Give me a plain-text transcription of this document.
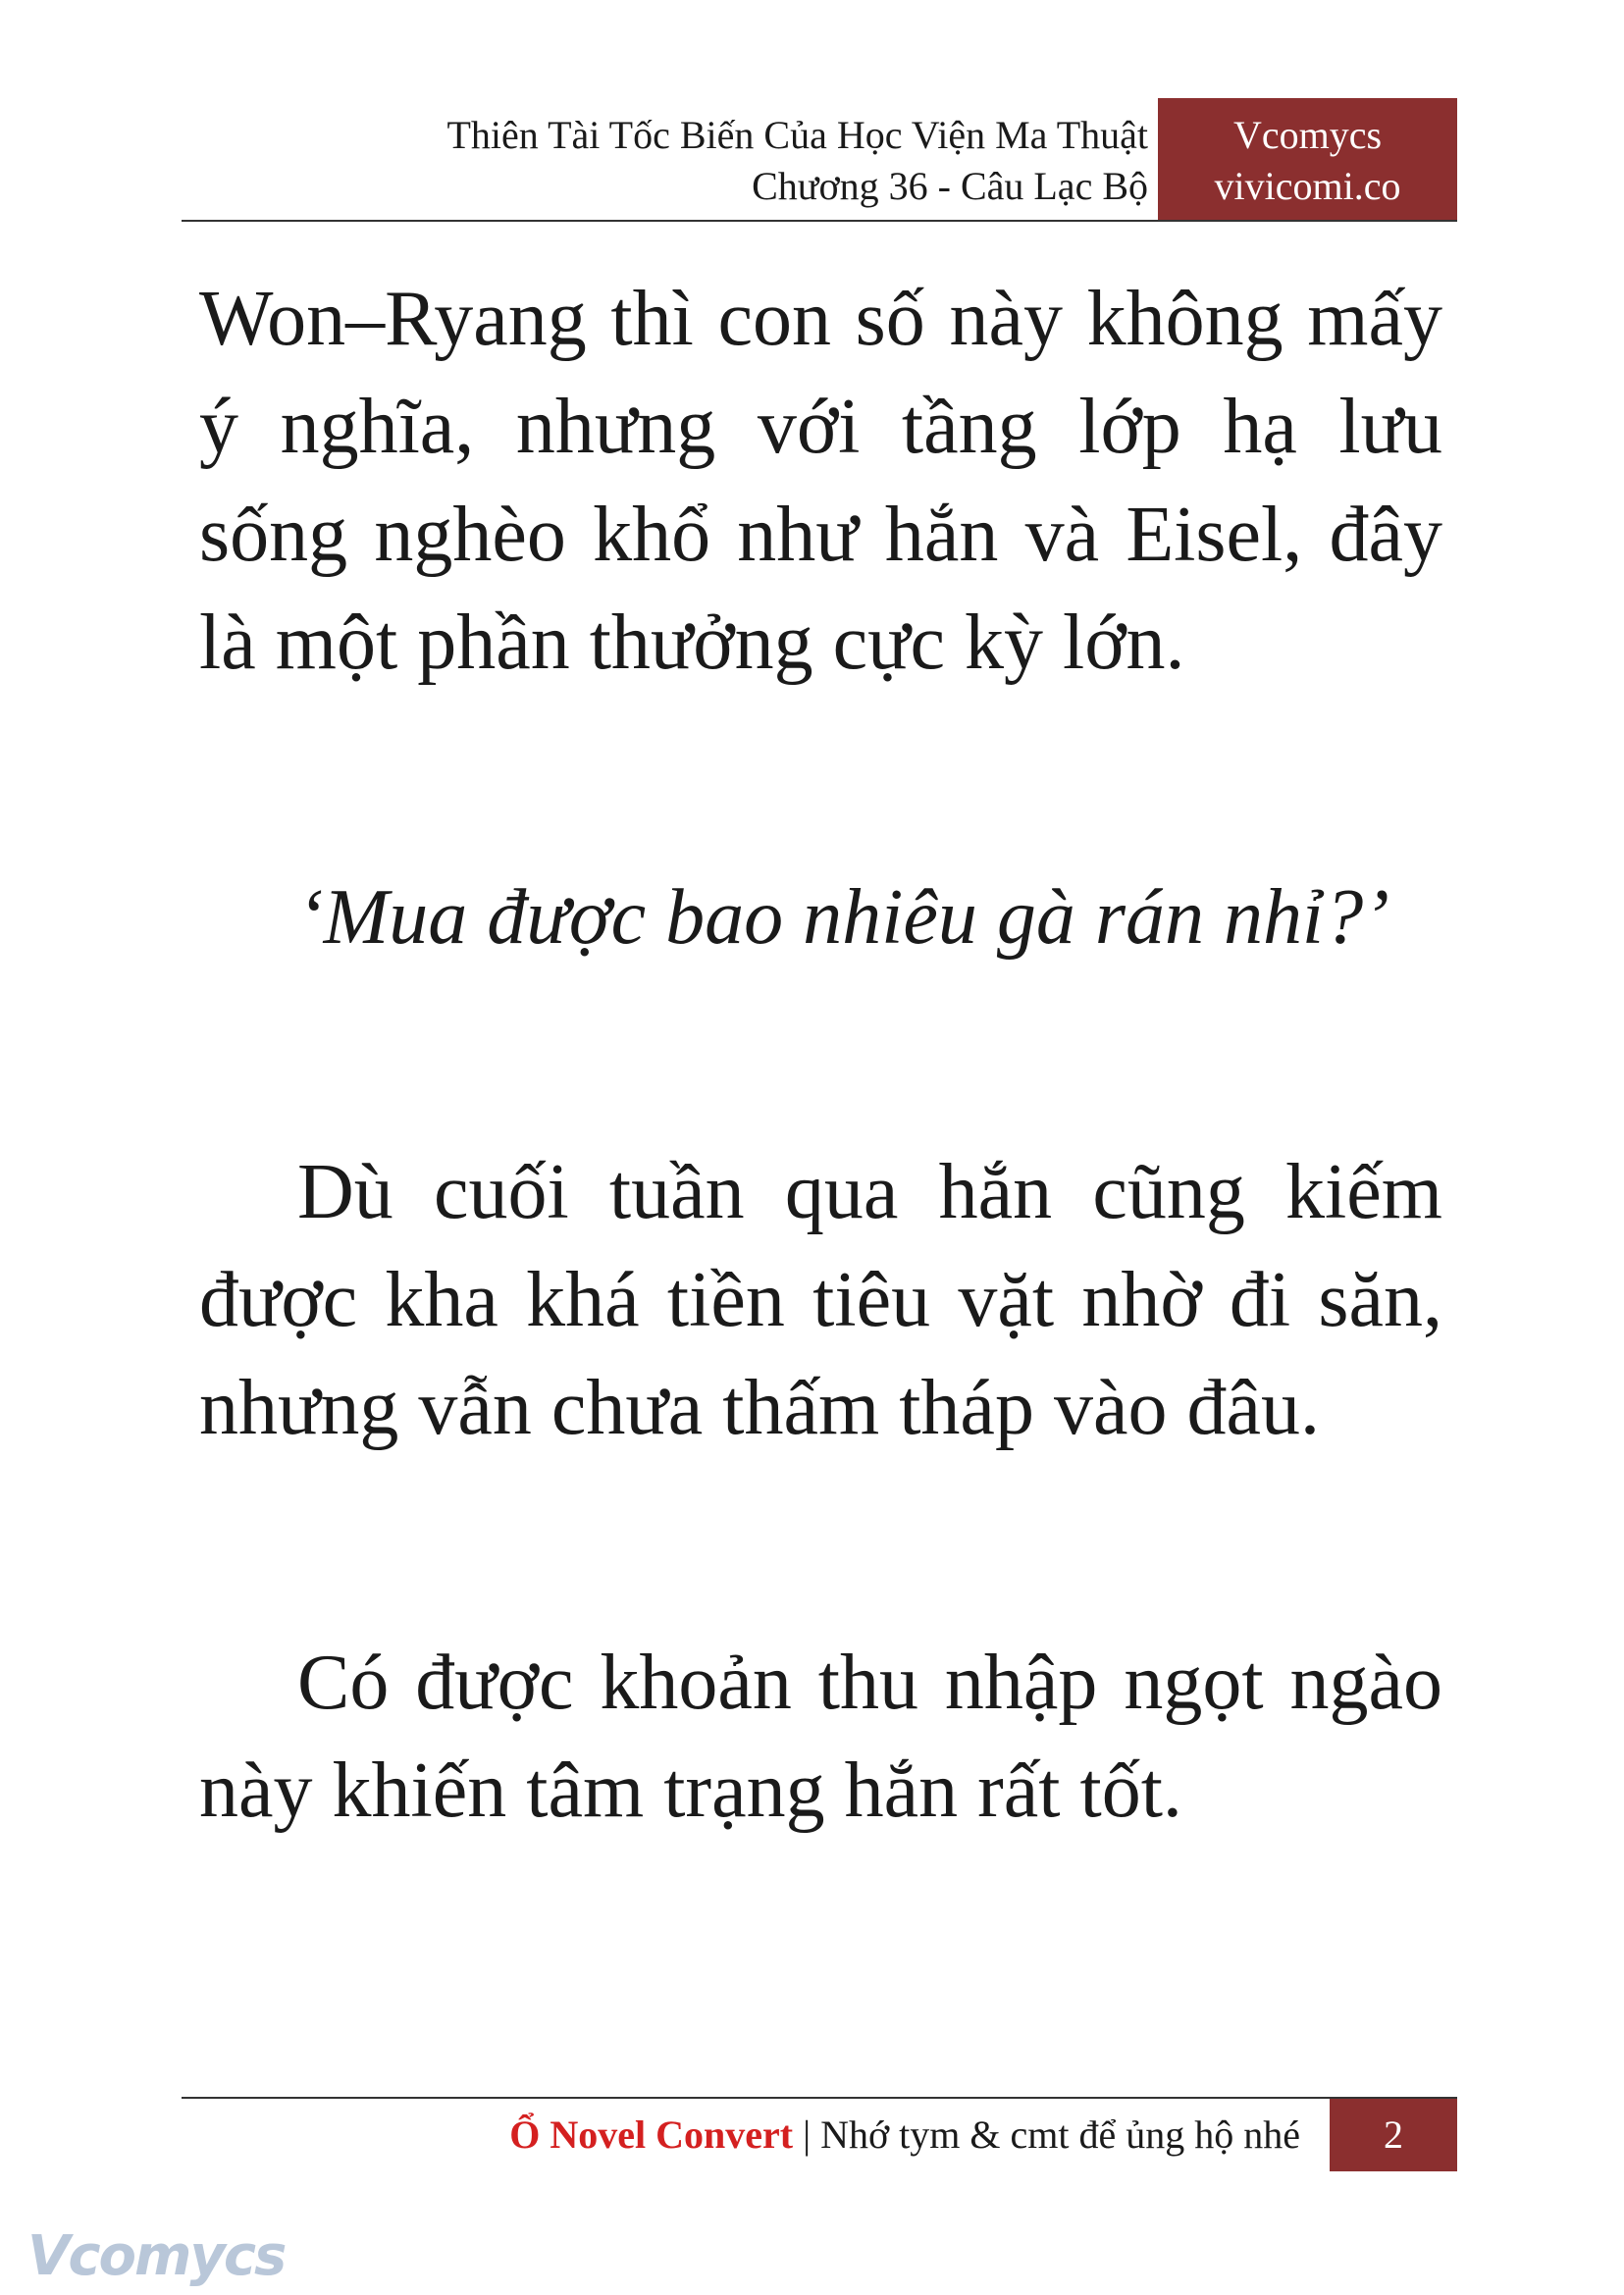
Thiên Tài Tốc Biến Của Học Viện Ma Thuật
Chương 36 - Câu Lạc Bộ
Vcomycs
vivicomi.co

Won–Ryang thì con số này không mấy ý nghĩa, nhưng với tầng lớp hạ lưu sống nghèo khổ như hắn và Eisel, đây là một phần thưởng cực kỳ lớn.

‘Mua được bao nhiêu gà rán nhỉ?’

Dù cuối tuần qua hắn cũng kiếm được kha khá tiền tiêu vặt nhờ đi săn, nhưng vẫn chưa thấm tháp vào đâu.

Có được khoản thu nhập ngọt ngào này khiến tâm trạng hắn rất tốt.

Ổ Novel Convert | Nhớ tym & cmt để ủng hộ nhé	2
Vcomycs
